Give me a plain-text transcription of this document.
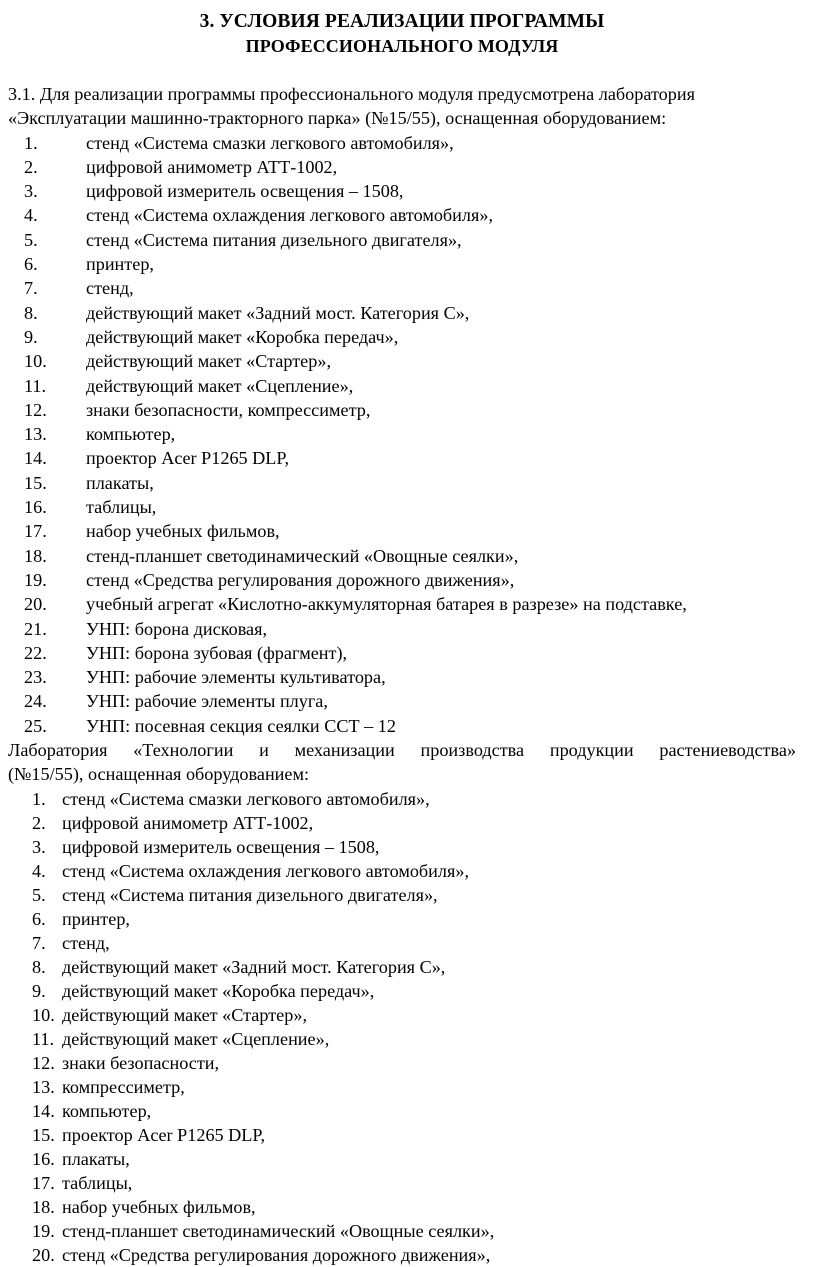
3. УСЛОВИЯ РЕАЛИЗАЦИИ ПРОГРАММЫ
ПРОФЕССИОНАЛЬНОГО МОДУЛЯ

3.1. Для реализации программы профессионального модуля предусмотрена лаборатория
«Эксплуатации машинно-тракторного парка» (№15/55), оснащенная оборудованием:

1.	стенд «Система смазки легкового автомобиля»,
2.	цифровой анимометр АТТ-1002,
3.	цифровой измеритель освещения – 1508,
4.	стенд «Система охлаждения легкового автомобиля»,
5.	стенд «Система питания дизельного двигателя»,
6.	принтер,
7.	стенд,
8.	действующий макет «Задний мост. Категория С»,
9.	действующий макет «Коробка передач»,
10. действующий макет «Стартер»,
11. действующий макет «Сцепление»,
12. знаки безопасности, компрессиметр,
13. компьютер,
14. проектор Acer P1265 DLP,
15. плакаты,
16. таблицы,
17. набор учебных фильмов,
18. стенд-планшет светодинамический «Овощные сеялки»,
19. стенд «Средства регулирования дорожного движения»,
20. учебный агрегат «Кислотно-аккумуляторная батарея в разрезе» на подставке,
21. УНП: борона дисковая,
22. УНП: борона зубовая (фрагмент),
23. УНП: рабочие элементы культиватора,
24. УНП: рабочие элементы плуга,
25. УНП: посевная секция сеялки ССТ – 12

Лаборатория «Технологии и механизации производства продукции растениеводства»
(№15/55), оснащенная оборудованием:

1. стенд «Система смазки легкового автомобиля»,
2. цифровой анимометр АТТ-1002,
3. цифровой измеритель освещения – 1508,
4. стенд «Система охлаждения легкового автомобиля»,
5. стенд «Система питания дизельного двигателя»,
6. принтер,
7. стенд,
8. действующий макет «Задний мост. Категория С»,
9. действующий макет «Коробка передач»,
10. действующий макет «Стартер»,
11. действующий макет «Сцепление»,
12. знаки безопасности,
13. компрессиметр,
14. компьютер,
15. проектор Acer P1265 DLP,
16. плакаты,
17. таблицы,
18. набор учебных фильмов,
19. стенд-планшет светодинамический «Овощные сеялки»,
20. стенд «Средства регулирования дорожного движения»,
